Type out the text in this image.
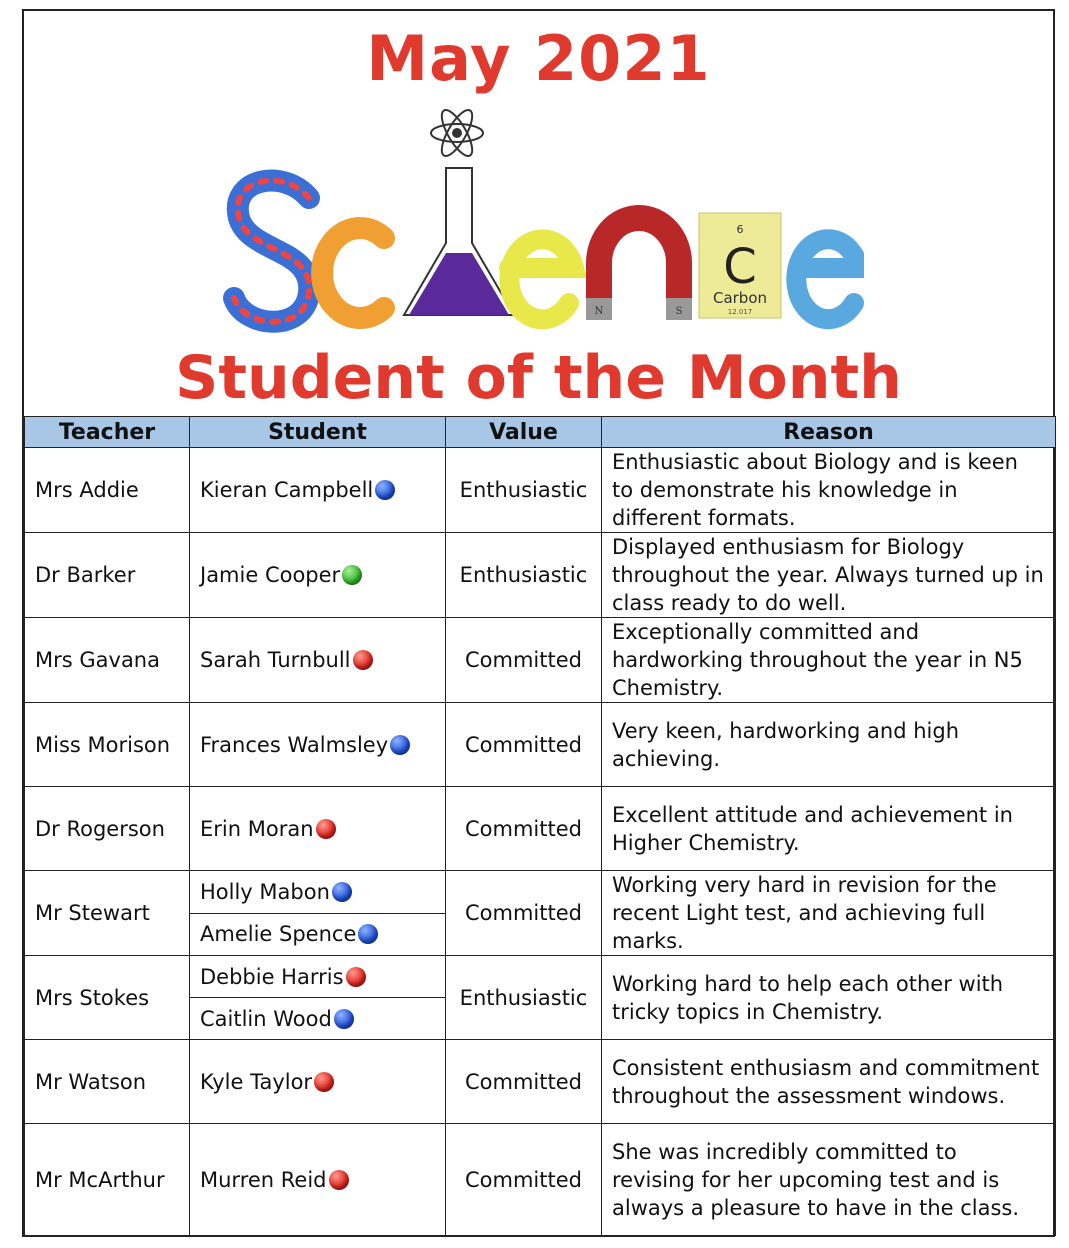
May 2021
N	S
6
C
Carbon
12.017
Student of the Month
Teacher	Student	Value	Reason
Mrs Addie	Kieran Campbell	Enthusiastic	Enthusiastic about Biology and is keen to demonstrate his knowledge in different formats.
Dr Barker	Jamie Cooper	Enthusiastic	Displayed enthusiasm for Biology throughout the year. Always turned up in class ready to do well.
Mrs Gavana	Sarah Turnbull	Committed	Exceptionally committed and hardworking throughout the year in N5 Chemistry.
Miss Morison	Frances Walmsley	Committed	Very keen, hardworking and high achieving.
Dr Rogerson	Erin Moran	Committed	Excellent attitude and achievement in Higher Chemistry.
Mr Stewart	Holly Mabon	Committed	Working very hard in revision for the recent Light test, and achieving full marks.

	Amelie Spence		

Mrs Stokes	Debbie Harris	Enthusiastic	Working hard to help each other with tricky topics in Chemistry.

	Caitlin Wood		

Mr Watson	Kyle Taylor	Committed	Consistent enthusiasm and commitment throughout the assessment windows.
Mr McArthur	Murren Reid	Committed	She was incredibly committed to revising for her upcoming test and is always a pleasure to have in the class.
